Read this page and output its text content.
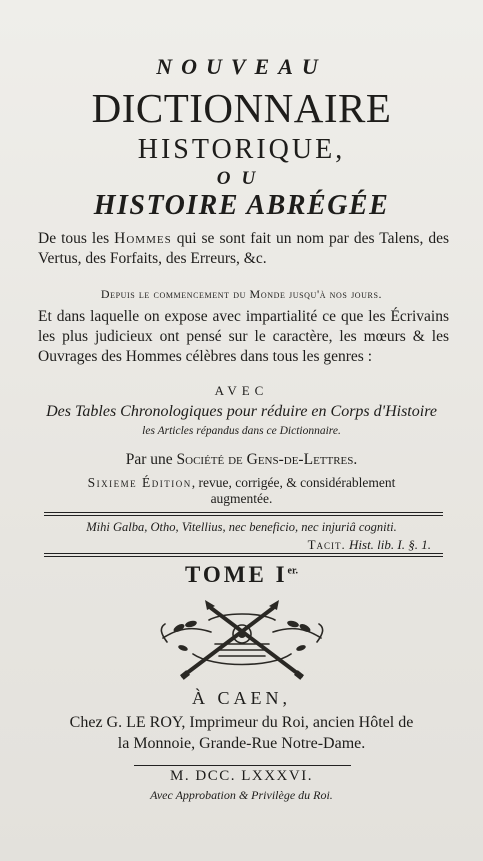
NOUVEAU
DICTIONNAIRE
HISTORIQUE,
OU
HISTOIRE ABRÉGÉE
De tous les Hommes qui se sont fait un nom par des Talens, des Vertus, des Forfaits, des Erreurs, &c.
Depuis le commencement du Monde jusqu'à nos jours.
Et dans laquelle on expose avec impartialité ce que les Écrivains les plus judicieux ont pensé sur le caractère, les mœurs & les Ouvrages des Hommes célèbres dans tous les genres :
AVEC
Des Tables Chronologiques pour réduire en Corps d'Histoire
les Articles répandus dans ce Dictionnaire.
Par une Société de Gens-de-Lettres.
Sixieme Édition, revue, corrigée, & considérablement
augmentée.
Mihi Galba, Otho, Vitellius, nec beneficio, nec injuriâ cogniti.
Tacit. Hist. lib. I. §. 1.
TOME $I^{er.}$
À CAEN,
Chez G. LE ROY, Imprimeur du Roi, ancien Hôtel de
la Monnoie, Grande-Rue Notre-Dame.
M. DCC. LXXXVI.
Avec Approbation & Privilège du Roi.
